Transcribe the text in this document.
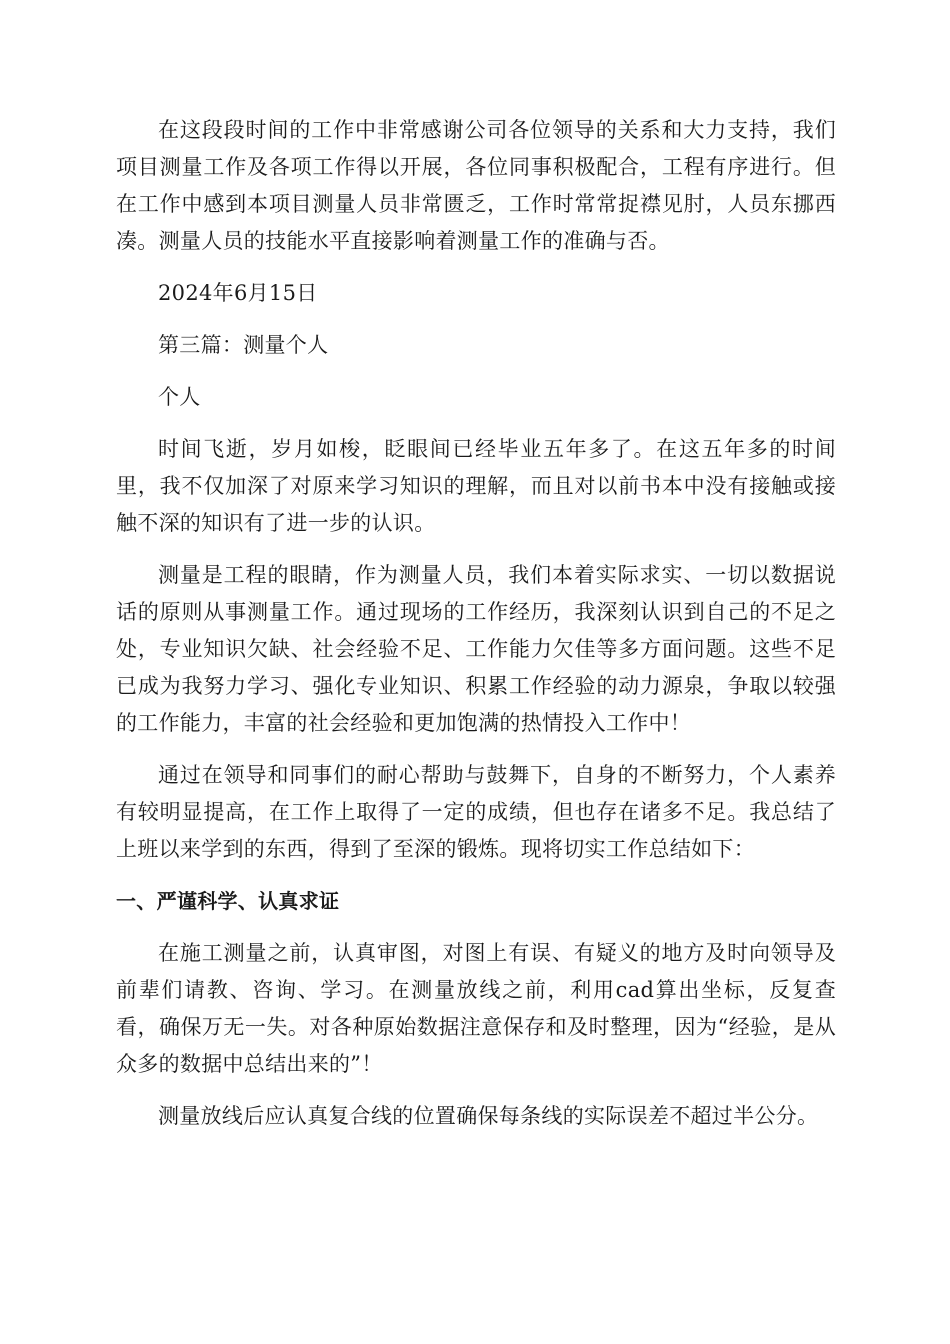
在这段段时间的工作中非常感谢公司各位领导的关系和大力支持，我们项目测量工作及各项工作得以开展，各位同事积极配合，工程有序进行。但在工作中感到本项目测量人员非常匮乏，工作时常常捉襟见肘，人员东挪西凑。测量人员的技能水平直接影响着测量工作的准确与否。

2024年6月15日

第三篇：测量个人

个人

时间飞逝，岁月如梭，眨眼间已经毕业五年多了。在这五年多的时间里，我不仅加深了对原来学习知识的理解，而且对以前书本中没有接触或接触不深的知识有了进一步的认识。

测量是工程的眼睛，作为测量人员，我们本着实际求实、一切以数据说话的原则从事测量工作。通过现场的工作经历，我深刻认识到自己的不足之处，专业知识欠缺、社会经验不足、工作能力欠佳等多方面问题。这些不足已成为我努力学习、强化专业知识、积累工作经验的动力源泉，争取以较强的工作能力，丰富的社会经验和更加饱满的热情投入工作中！

通过在领导和同事们的耐心帮助与鼓舞下，自身的不断努力，个人素养有较明显提高，在工作上取得了一定的成绩，但也存在诸多不足。我总结了上班以来学到的东西，得到了至深的锻炼。现将切实工作总结如下：

一、严谨科学、认真求证

在施工测量之前，认真审图，对图上有误、有疑义的地方及时向领导及前辈们请教、咨询、学习。在测量放线之前，利用cad算出坐标，反复查看，确保万无一失。对各种原始数据注意保存和及时整理，因为“经验，是从众多的数据中总结出来的”！

测量放线后应认真复合线的位置确保每条线的实际误差不超过半公分。
